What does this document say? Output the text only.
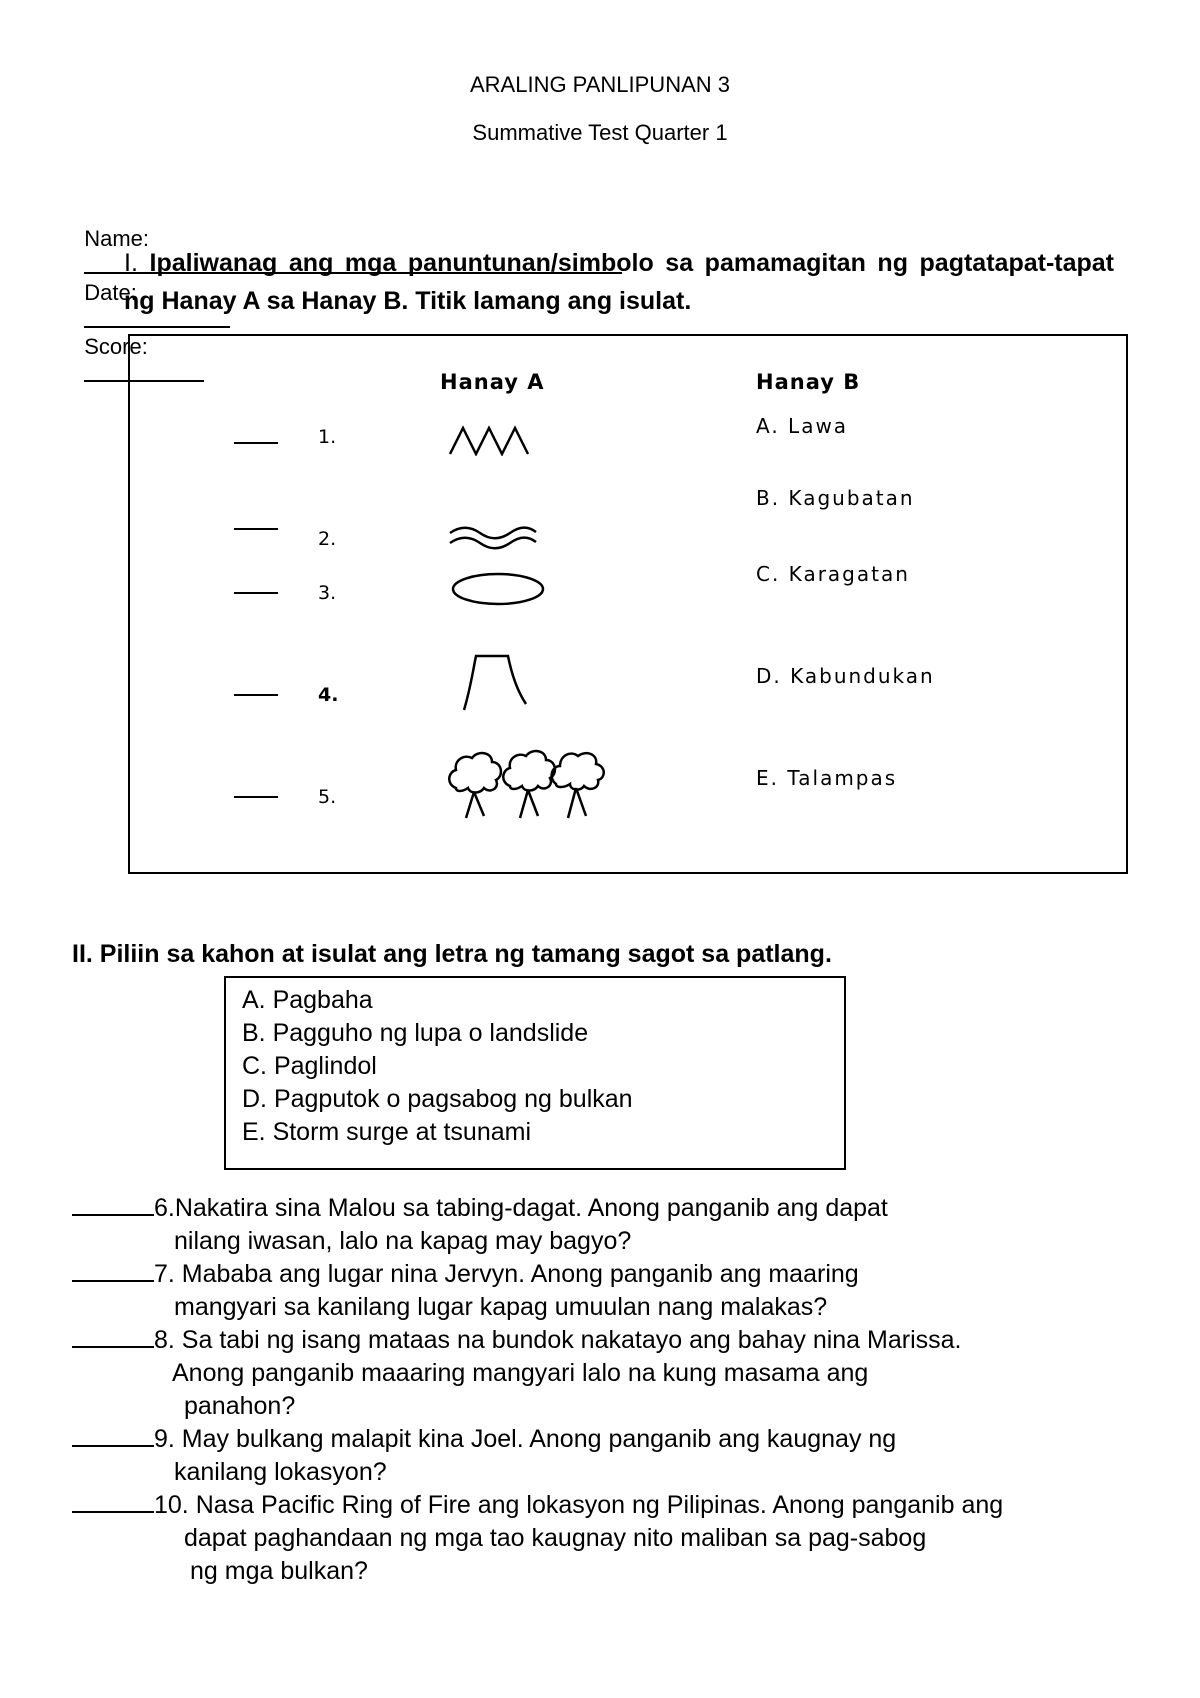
ARALING PANLIPUNAN 3
Summative Test Quarter 1

Name:

Date:

Score:

I. Ipaliwanag ang mga panuntunan/simbolo sa pamamagitan ng pagtatapat-tapat ng Hanay A sa Hanay B. Titik lamang ang isulat.
Hanay A	Hanay B
1.
2.
3.
4.
5.
A. Lawa
B. Kagubatan
C. Karagatan
D. Kabundukan
E. Talampas
II. Piliin sa kahon at isulat ang letra ng tamang sagot sa patlang.
A. Pagbaha
B. Pagguho ng lupa o landslide
C. Paglindol
D. Pagputok o pagsabog ng bulkan
E. Storm surge at tsunami
6.Nakatira sina Malou sa tabing-dagat. Anong panganib ang dapat
nilang iwasan, lalo na kapag may bagyo?
7. Mababa ang lugar nina Jervyn. Anong panganib ang maaring
mangyari sa kanilang lugar kapag umuulan nang malakas?
8. Sa tabi ng isang mataas na bundok nakatayo ang bahay nina Marissa.
Anong panganib maaaring mangyari lalo na kung masama ang
panahon?
9. May bulkang malapit kina Joel. Anong panganib ang kaugnay ng
kanilang lokasyon?
10. Nasa Pacific Ring of Fire ang lokasyon ng Pilipinas. Anong panganib ang
dapat paghandaan ng mga tao kaugnay nito maliban sa pag-sabog
ng mga bulkan?
